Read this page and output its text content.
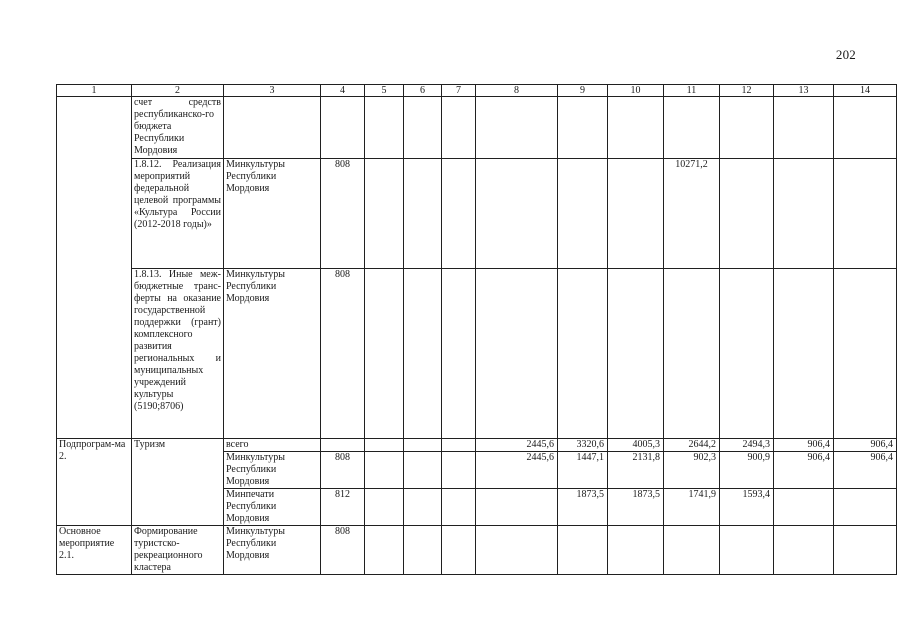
202
1	2	3	4	5	6	7	8	9	10	11	12	13	14
	счет средств республиканско-го бюджета Республики Мордовия												
	1.8.12. Реализация мероприятий федеральной целевой программы «Культура России (2012-2018 годы)»	Минкультуры Республики Мордовия	808							10271,2			
	1.8.13. Иные меж-бюджетные транс-ферты на оказание государственной поддержки (грант) комплексного развития региональных и муниципальных учреждений культуры (5190;8706)	Минкультуры Республики Мордовия	808										
Подпрограм-ма 2.	Туризм	всего					2445,6	3320,6	4005,3	2644,2	2494,3	906,4	906,4
		Минкультуры Республики Мордовия	808				2445,6	1447,1	2131,8	902,3	900,9	906,4	906,4
		Минпечати Республики Мордовия	812					1873,5	1873,5	1741,9	1593,4		
Основное мероприятие 2.1.	Формирование туристско-рекреационного кластера	Минкультуры Республики Мордовия	808										
